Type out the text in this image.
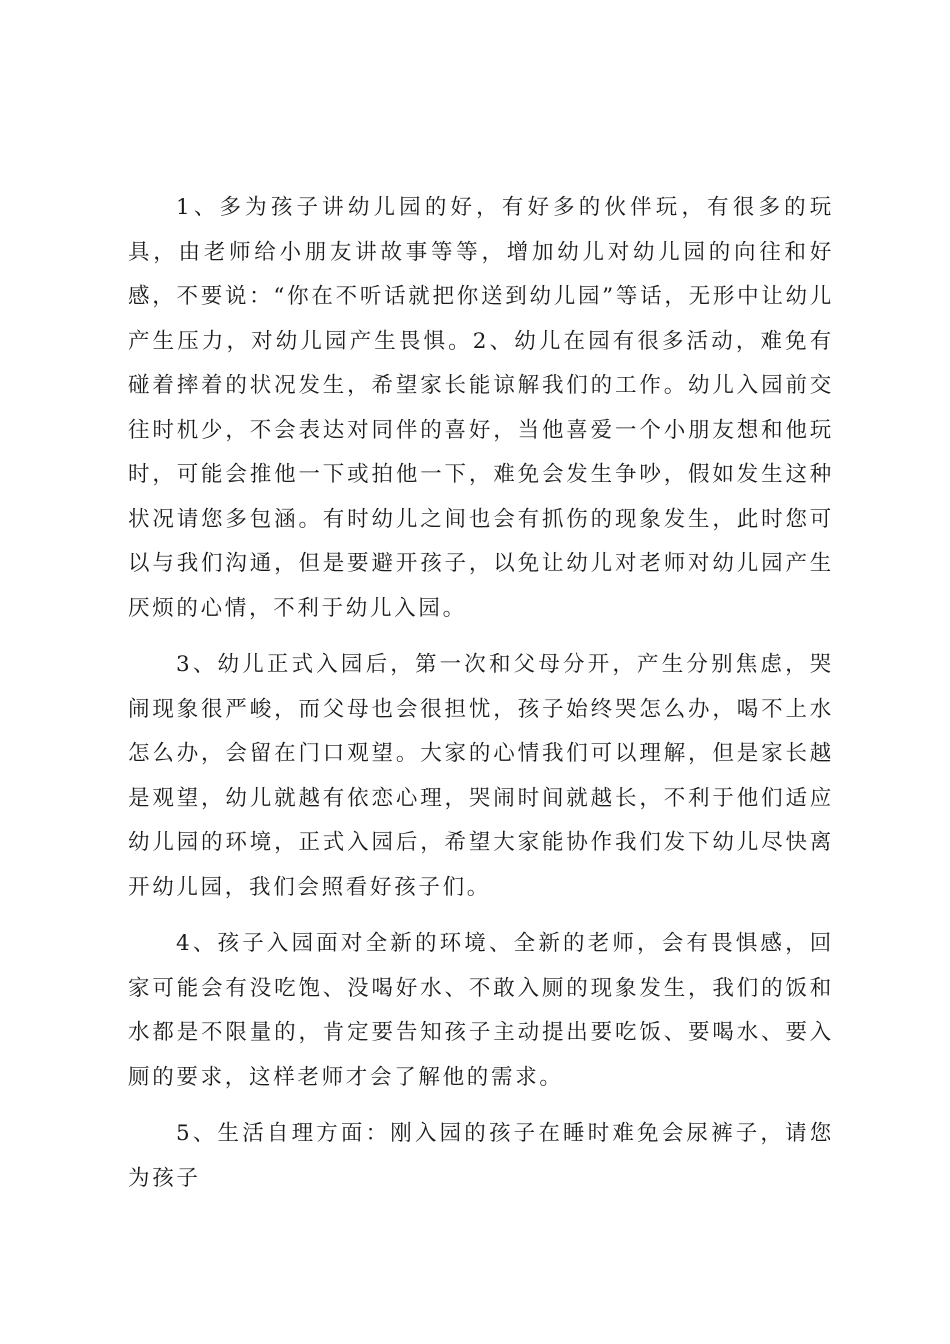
1、多为孩子讲幼儿园的好，有好多的伙伴玩，有很多的玩具，由老师给小朋友讲故事等等，增加幼儿对幼儿园的向往和好感，不要说：“你在不听话就把你送到幼儿园”等话，无形中让幼儿产生压力，对幼儿园产生畏惧。2、幼儿在园有很多活动，难免有碰着摔着的状况发生，希望家长能谅解我们的工作。幼儿入园前交往时机少，不会表达对同伴的喜好，当他喜爱一个小朋友想和他玩时，可能会推他一下或拍他一下，难免会发生争吵，假如发生这种状况请您多包涵。有时幼儿之间也会有抓伤的现象发生，此时您可以与我们沟通，但是要避开孩子，以免让幼儿对老师对幼儿园产生厌烦的心情，不利于幼儿入园。

3、幼儿正式入园后，第一次和父母分开，产生分别焦虑，哭闹现象很严峻，而父母也会很担忧，孩子始终哭怎么办，喝不上水怎么办，会留在门口观望。大家的心情我们可以理解，但是家长越是观望，幼儿就越有依恋心理，哭闹时间就越长，不利于他们适应幼儿园的环境，正式入园后，希望大家能协作我们发下幼儿尽快离开幼儿园，我们会照看好孩子们。

4、孩子入园面对全新的环境、全新的老师，会有畏惧感，回家可能会有没吃饱、没喝好水、不敢入厕的现象发生，我们的饭和水都是不限量的，肯定要告知孩子主动提出要吃饭、要喝水、要入厕的要求，这样老师才会了解他的需求。

5、生活自理方面：刚入园的孩子在睡时难免会尿裤子，请您为孩子
